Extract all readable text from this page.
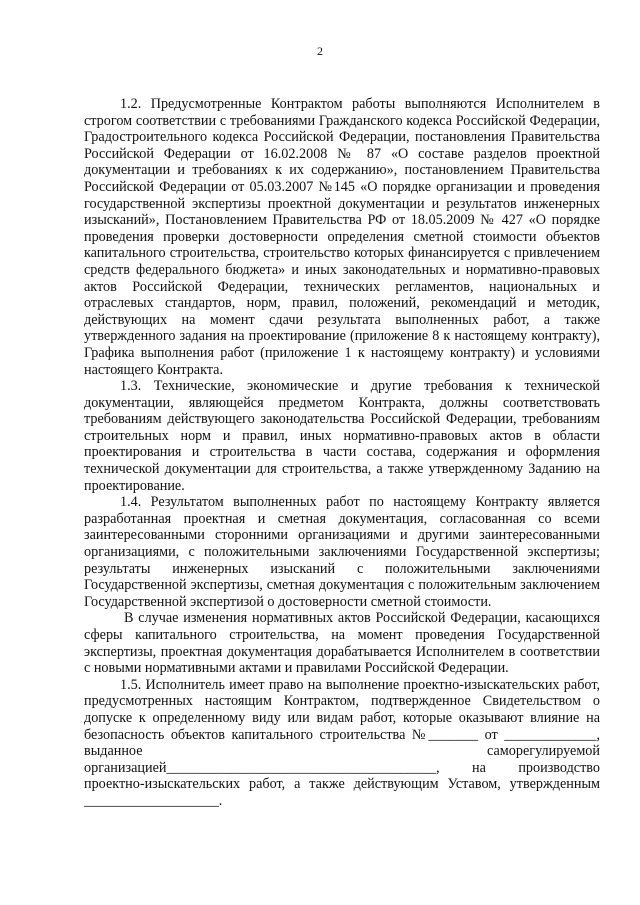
2

1.2. Предусмотренные Контрактом работы выполняются Исполнителем в строгом соответствии с требованиями Гражданского кодекса Российской Федерации, Градостроительного кодекса Российской Федерации, постановления Правительства Российской Федерации от 16.02.2008 № 87 «О составе разделов проектной документации и требованиях к их содержанию», постановлением Правительства Российской Федерации от 05.03.2007 №145 «О порядке организации и проведения государственной экспертизы проектной документации и результатов инженерных изысканий», Постановлением Правительства РФ от 18.05.2009 № 427 «О порядке проведения проверки достоверности определения сметной стоимости объектов капитального строительства, строительство которых финансируется с привлечением средств федерального бюджета» и иных законодательных и нормативно-правовых актов Российской Федерации, технических регламентов, национальных и отраслевых стандартов, норм, правил, положений, рекомендаций и методик, действующих на момент сдачи результата выполненных работ, а также утвержденного задания на проектирование (приложение 8 к настоящему контракту), Графика выполнения работ (приложение 1 к настоящему контракту) и условиями настоящего Контракта.

1.3. Технические, экономические и другие требования к технической документации, являющейся предметом Контракта, должны соответствовать требованиям действующего законодательства Российской Федерации, требованиям строительных норм и правил, иных нормативно-правовых актов в области проектирования и строительства в части состава, содержания и оформления технической документации для строительства, а также утвержденному Заданию на проектирование.

1.4. Результатом выполненных работ по настоящему Контракту является разработанная проектная и сметная документация, согласованная со всеми заинтересованными сторонними организациями и другими заинтересованными организациями, с положительными заключениями Государственной экспертизы; результаты инженерных изысканий с положительными заключениями Государственной экспертизы, сметная документация с положительным заключением Государственной экспертизой о достоверности сметной стоимости.

В случае изменения нормативных актов Российской Федерации, касающихся сферы капитального строительства, на момент проведения Государственной экспертизы, проектная документация дорабатывается Исполнителем в соответствии с новыми нормативными актами и правилами Российской Федерации.

1.5. Исполнитель имеет право на выполнение проектно-изыскательских работ, предусмотренных настоящим Контрактом, подтвержденное Свидетельством о допуске к определенному виду или видам работ, которые оказывают влияние на безопасность объектов капитального строительства №_______ от _____________, выданное саморегулируемой организацией______________________________________, на производство проектно-изыскательских работ, а также действующим Уставом, утвержденным ___________________.
